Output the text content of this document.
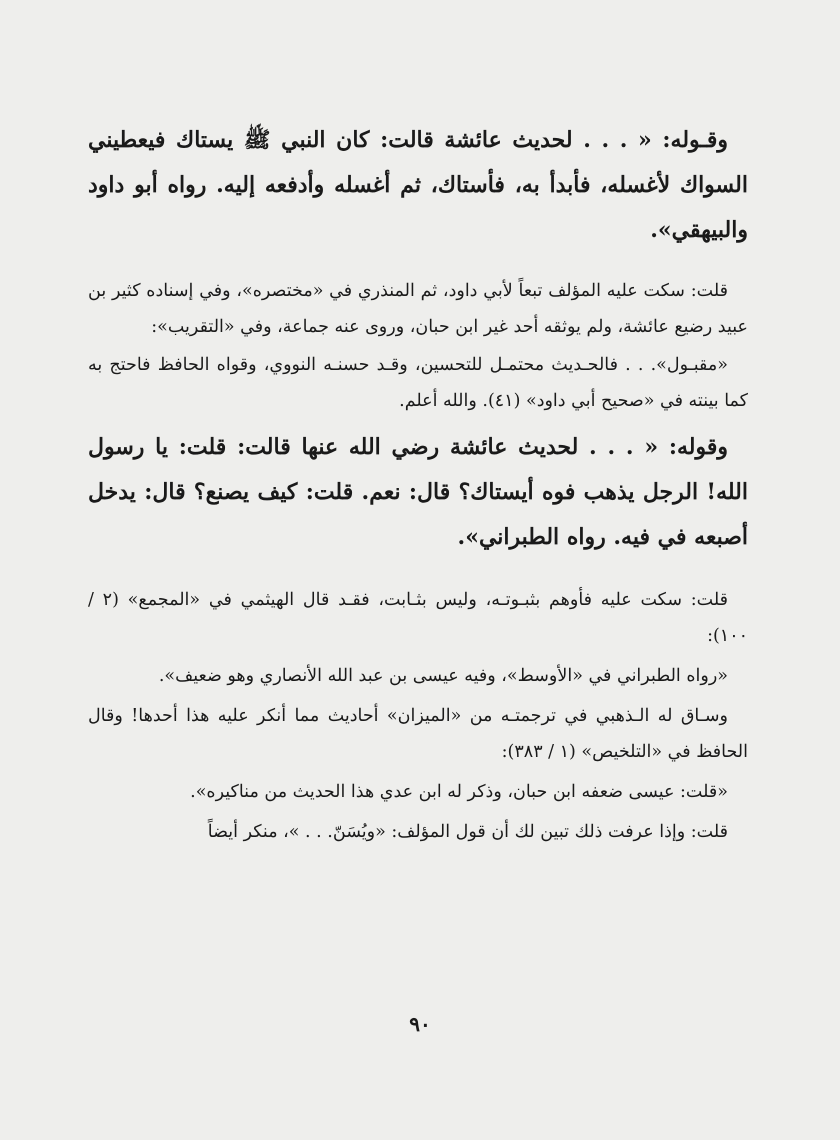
وقـوله: « . . . لحديث عائشة قالت: كان النبي ﷺ يستاك فيعطيني السواك لأغسله، فأبدأ به، فأستاك، ثم أغسله وأدفعه إليه. رواه أبو داود والبيهقي».

قلت: سكت عليه المؤلف تبعاً لأبي داود، ثم المنذري في «مختصره»، وفي إسناده كثير بن عبيد رضيع عائشة، ولم يوثقه أحد غير ابن حبان، وروى عنه جماعة، وفي «التقريب»:

«مقبـول». . . فالحـديث محتمـل للتحسين، وقـد حسنـه النووي، وقواه الحافظ فاحتج به كما بينته في «صحيح أبي داود» (٤١). والله أعلم.

وقوله: « . . . لحديث عائشة رضي الله عنها قالت: قلت: يا رسول الله! الرجل يذهب فوه أيستاك؟ قال: نعم. قلت: كيف يصنع؟ قال: يدخل أصبعه في فيه. رواه الطبراني».

قلت: سكت عليه فأوهم بثبـوتـه، وليس بثـابت، فقـد قال الهيثمي في «المجمع» (٢ / ١٠٠):

«رواه الطبراني في «الأوسط»، وفيه عيسى بن عبد الله الأنصاري وهو ضعيف».

وسـاق له الـذهبي في ترجمتـه من «الميزان» أحاديث مما أنكر عليه هذا أحدها! وقال الحافظ في «التلخيص» (١ / ٣٨٣):

«قلت: عيسى ضعفه ابن حبان، وذكر له ابن عدي هذا الحديث من مناكيره».

قلت: وإذا عرفت ذلك تبين لك أن قول المؤلف: «ويُسَنّ. . . »، منكر أيضاً

٩٠
